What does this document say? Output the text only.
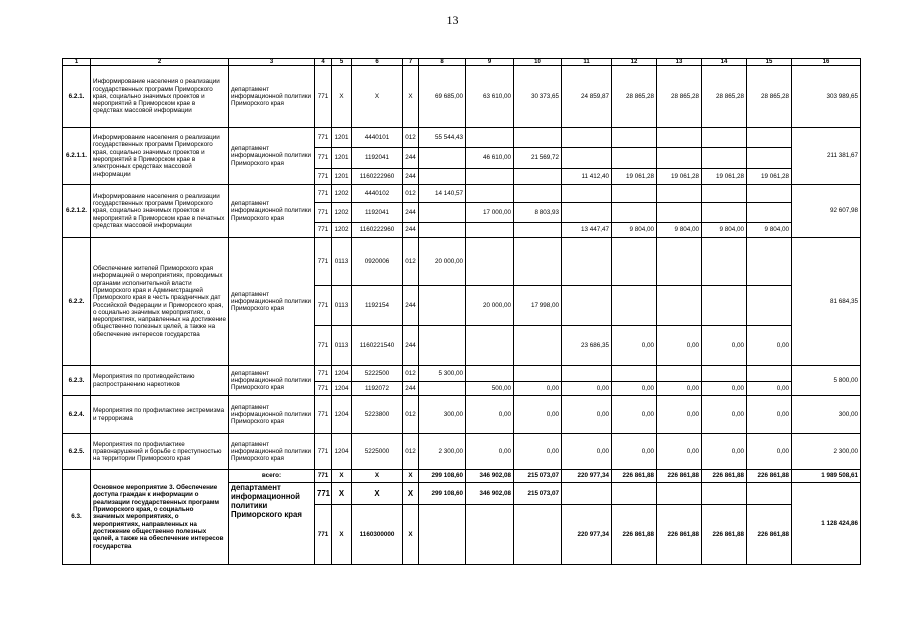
13
1	2	3	4	5	6	7	8	9	10	11	12	13	14	15	16
6.2.1.	Информирование населения о реализации государственных программ Приморского края, социально значимых проектов и мероприятий в Приморском крае в средствах массовой информации	департамент информационной политики Приморского края	771	X	X	X	69 685,00	63 610,00	30 373,65	24 859,87	28 865,28	28 865,28	28 865,28	28 865,28	303 989,65
6.2.1.1.	Информирование населения о реализации государственных программ Приморского края, социально значимых проектов и мероприятий в Приморском крае в электронных средствах массовой информации	департамент информационной политики Приморского края	771	1201	4440101	012	55 544,43								211 381,67
			771	1201	1192041	244		46 610,00	21 569,72						
			771	1201	1160222960	244				11 412,40	19 061,28	19 061,28	19 061,28	19 061,28	
6.2.1.2.	Информирование населения о реализации государственных программ Приморского края, социально значимых проектов и мероприятий в Приморском крае в печатных средствах массовой информации	департамент информационной политики Приморского края	771	1202	4440102	012	14 140,57								92 607,98
			771	1202	1192041	244		17 000,00	8 803,93						
			771	1202	1160222960	244				13 447,47	9 804,00	9 804,00	9 804,00	9 804,00	
6.2.2.	Обеспечение жителей Приморского края информацией о мероприятиях, проводимых органами исполнительной власти Приморского края и Администрацией Приморского края в честь праздничных дат Российской Федерации и Приморского края, о социально значимых мероприятиях, о мероприятиях, направленных на достижение общественно полезных целей, а также на обеспечение интересов государства	департамент информационной политики Приморского края	771	0113	0920006	012	20 000,00								81 684,35
			771	0113	1192154	244		20 000,00	17 998,00						
			771	0113	1160221540	244				23 686,35	0,00	0,00	0,00	0,00	
6.2.3.	Мероприятия по противодействию распространению наркотиков	департамент информационной политики Приморского края	771	1204	5222500	012	5 300,00								5 800,00
			771	1204	1192072	244		500,00	0,00	0,00	0,00	0,00	0,00	0,00	
6.2.4.	Мероприятия по профилактике экстремизма и терроризма	департамент информационной политики Приморского края	771	1204	5223800	012	300,00	0,00	0,00	0,00	0,00	0,00	0,00	0,00	300,00
6.2.5.	Мероприятия по профилактике правонарушений и борьбе с преступностью на территории Приморского края	департамент информационной политики Приморского края	771	1204	5225000	012	2 300,00	0,00	0,00	0,00	0,00	0,00	0,00	0,00	2 300,00
6.3.	Основное мероприятие 3. Обеспечение доступа граждан к информации о реализации государственных программ Приморского края, о социально значимых мероприятиях, о мероприятиях, направленных на достижение общественно полезных целей, а также на обеспечение интересов государства	всего:	771	X	X	X	299 108,60	346 902,08	215 073,07	220 977,34	226 861,88	226 861,88	226 861,88	226 861,88	1 989 508,61
		департамент информационной политики Приморского края	771	X	X	X	299 108,60	346 902,08	215 073,07						1 128 424,86
			771	X	1160300000	X				220 977,34	226 861,88	226 861,88	226 861,88	226 861,88	
